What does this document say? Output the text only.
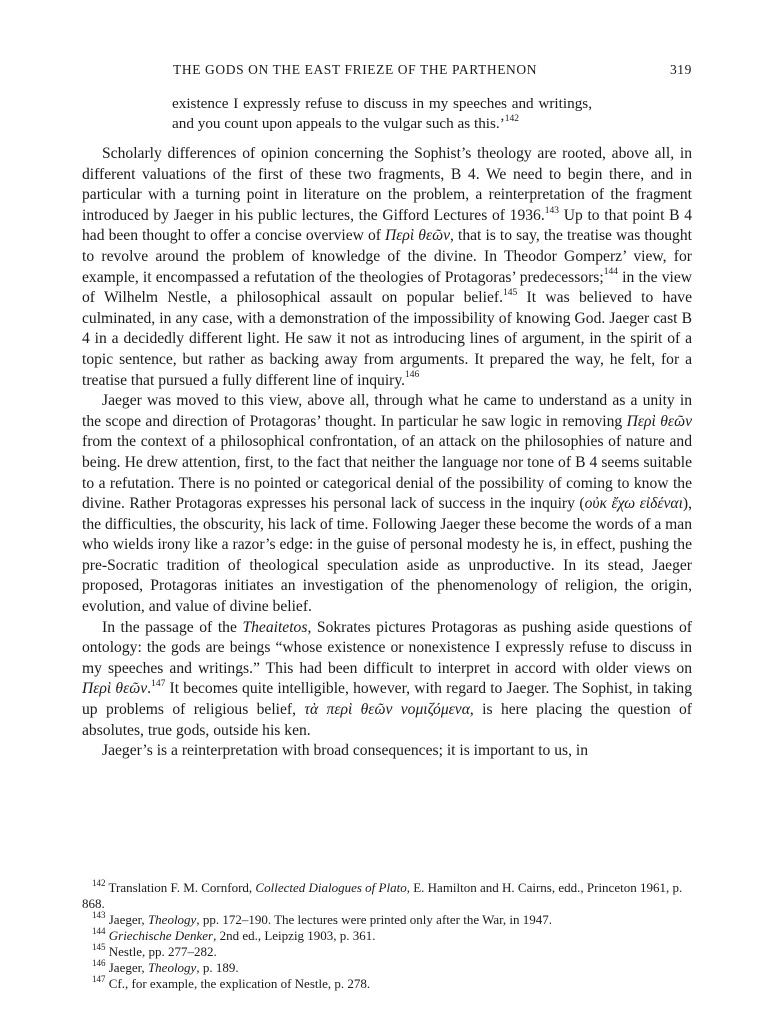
THE GODS ON THE EAST FRIEZE OF THE PARTHENON	319
existence I expressly refuse to discuss in my speeches and writings, and you count upon appeals to the vulgar such as this.’$^{142}$

Scholarly differences of opinion concerning the Sophist’s theology are rooted, above all, in different valuations of the first of these two fragments, B 4. We need to begin there, and in particular with a turning point in literature on the problem, a reinterpretation of the fragment introduced by Jaeger in his public lectures, the Gifford Lectures of 1936.$^{143}$ Up to that point B 4 had been thought to offer a concise overview of Περὶ θεῶν, that is to say, the treatise was thought to revolve around the problem of knowledge of the divine. In Theodor Gomperz’ view, for example, it encompassed a refutation of the theologies of Protagoras’ predecessors;$^{144}$ in the view of Wilhelm Nestle, a philosophical assault on popular belief.$^{145}$ It was believed to have culminated, in any case, with a demonstration of the impossibility of knowing God. Jaeger cast B 4 in a decidedly different light. He saw it not as introducing lines of argument, in the spirit of a topic sentence, but rather as backing away from arguments. It prepared the way, he felt, for a treatise that pursued a fully different line of inquiry.$^{146}$

Jaeger was moved to this view, above all, through what he came to understand as a unity in the scope and direction of Protagoras’ thought. In particular he saw logic in removing Περὶ θεῶν from the context of a philosophical confrontation, of an attack on the philosophies of nature and being. He drew attention, first, to the fact that neither the language nor tone of B 4 seems suitable to a refutation. There is no pointed or categorical denial of the possibility of coming to know the divine. Rather Protagoras expresses his personal lack of success in the inquiry (οὐκ ἔχω εἰδέναι), the difficulties, the obscurity, his lack of time. Following Jaeger these become the words of a man who wields irony like a razor’s edge: in the guise of personal modesty he is, in effect, pushing the pre-Socratic tradition of theological speculation aside as unproductive. In its stead, Jaeger proposed, Protagoras initiates an investigation of the phenomenology of religion, the origin, evolution, and value of divine belief.

In the passage of the Theaitetos, Sokrates pictures Protagoras as pushing aside questions of ontology: the gods are beings “whose existence or nonexistence I expressly refuse to discuss in my speeches and writings.” This had been difficult to interpret in accord with older views on Περὶ θεῶν.$^{147}$ It becomes quite intelligible, however, with regard to Jaeger. The Sophist, in taking up problems of religious belief, τὰ περὶ θεῶν νομιζόμενα, is here placing the question of absolutes, true gods, outside his ken.

Jaeger’s is a reinterpretation with broad consequences; it is important to us, in

$^{142}$ Translation F. M. Cornford, Collected Dialogues of Plato, E. Hamilton and H. Cairns, edd., Princeton 1961, p. 868.

$^{143}$ Jaeger, Theology, pp. 172–190. The lectures were printed only after the War, in 1947.

$^{144}$ Griechische Denker, 2nd ed., Leipzig 1903, p. 361.

$^{145}$ Nestle, pp. 277–282.

$^{146}$ Jaeger, Theology, p. 189.

$^{147}$ Cf., for example, the explication of Nestle, p. 278.
